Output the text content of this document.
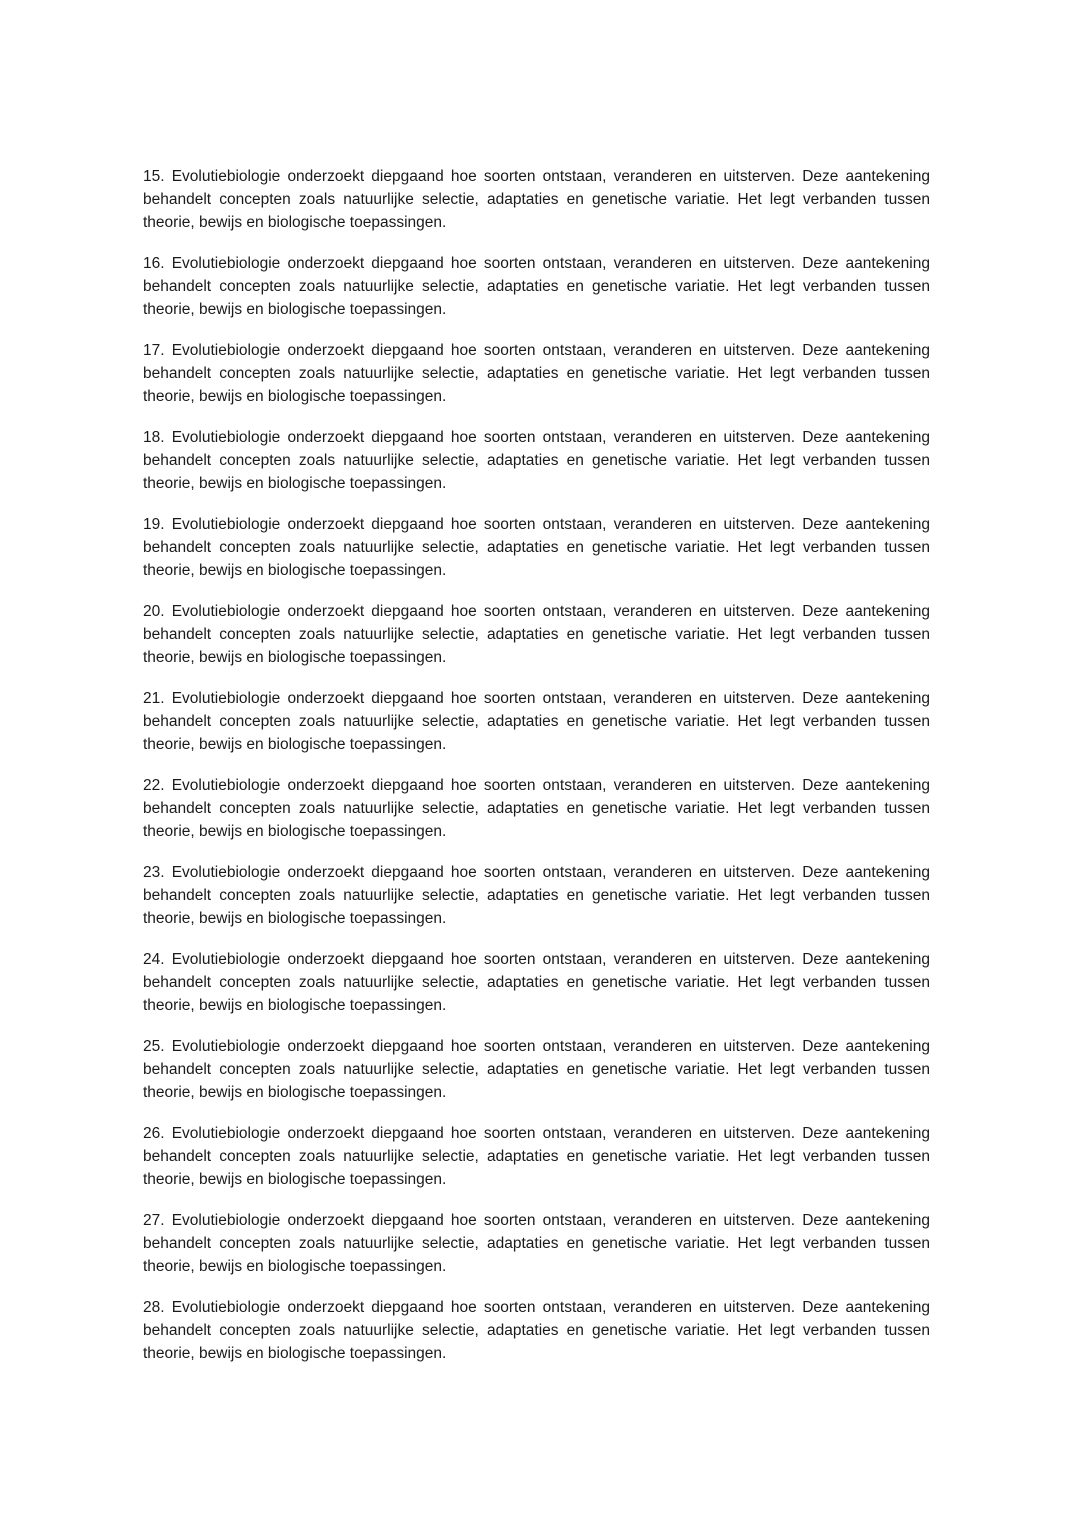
15. Evolutiebiologie onderzoekt diepgaand hoe soorten ontstaan, veranderen en uitsterven. Deze aantekening behandelt concepten zoals natuurlijke selectie, adaptaties en genetische variatie. Het legt verbanden tussen theorie, bewijs en biologische toepassingen.

16. Evolutiebiologie onderzoekt diepgaand hoe soorten ontstaan, veranderen en uitsterven. Deze aantekening behandelt concepten zoals natuurlijke selectie, adaptaties en genetische variatie. Het legt verbanden tussen theorie, bewijs en biologische toepassingen.

17. Evolutiebiologie onderzoekt diepgaand hoe soorten ontstaan, veranderen en uitsterven. Deze aantekening behandelt concepten zoals natuurlijke selectie, adaptaties en genetische variatie. Het legt verbanden tussen theorie, bewijs en biologische toepassingen.

18. Evolutiebiologie onderzoekt diepgaand hoe soorten ontstaan, veranderen en uitsterven. Deze aantekening behandelt concepten zoals natuurlijke selectie, adaptaties en genetische variatie. Het legt verbanden tussen theorie, bewijs en biologische toepassingen.

19. Evolutiebiologie onderzoekt diepgaand hoe soorten ontstaan, veranderen en uitsterven. Deze aantekening behandelt concepten zoals natuurlijke selectie, adaptaties en genetische variatie. Het legt verbanden tussen theorie, bewijs en biologische toepassingen.

20. Evolutiebiologie onderzoekt diepgaand hoe soorten ontstaan, veranderen en uitsterven. Deze aantekening behandelt concepten zoals natuurlijke selectie, adaptaties en genetische variatie. Het legt verbanden tussen theorie, bewijs en biologische toepassingen.

21. Evolutiebiologie onderzoekt diepgaand hoe soorten ontstaan, veranderen en uitsterven. Deze aantekening behandelt concepten zoals natuurlijke selectie, adaptaties en genetische variatie. Het legt verbanden tussen theorie, bewijs en biologische toepassingen.

22. Evolutiebiologie onderzoekt diepgaand hoe soorten ontstaan, veranderen en uitsterven. Deze aantekening behandelt concepten zoals natuurlijke selectie, adaptaties en genetische variatie. Het legt verbanden tussen theorie, bewijs en biologische toepassingen.

23. Evolutiebiologie onderzoekt diepgaand hoe soorten ontstaan, veranderen en uitsterven. Deze aantekening behandelt concepten zoals natuurlijke selectie, adaptaties en genetische variatie. Het legt verbanden tussen theorie, bewijs en biologische toepassingen.

24. Evolutiebiologie onderzoekt diepgaand hoe soorten ontstaan, veranderen en uitsterven. Deze aantekening behandelt concepten zoals natuurlijke selectie, adaptaties en genetische variatie. Het legt verbanden tussen theorie, bewijs en biologische toepassingen.

25. Evolutiebiologie onderzoekt diepgaand hoe soorten ontstaan, veranderen en uitsterven. Deze aantekening behandelt concepten zoals natuurlijke selectie, adaptaties en genetische variatie. Het legt verbanden tussen theorie, bewijs en biologische toepassingen.

26. Evolutiebiologie onderzoekt diepgaand hoe soorten ontstaan, veranderen en uitsterven. Deze aantekening behandelt concepten zoals natuurlijke selectie, adaptaties en genetische variatie. Het legt verbanden tussen theorie, bewijs en biologische toepassingen.

27. Evolutiebiologie onderzoekt diepgaand hoe soorten ontstaan, veranderen en uitsterven. Deze aantekening behandelt concepten zoals natuurlijke selectie, adaptaties en genetische variatie. Het legt verbanden tussen theorie, bewijs en biologische toepassingen.

28. Evolutiebiologie onderzoekt diepgaand hoe soorten ontstaan, veranderen en uitsterven. Deze aantekening behandelt concepten zoals natuurlijke selectie, adaptaties en genetische variatie. Het legt verbanden tussen theorie, bewijs en biologische toepassingen.
